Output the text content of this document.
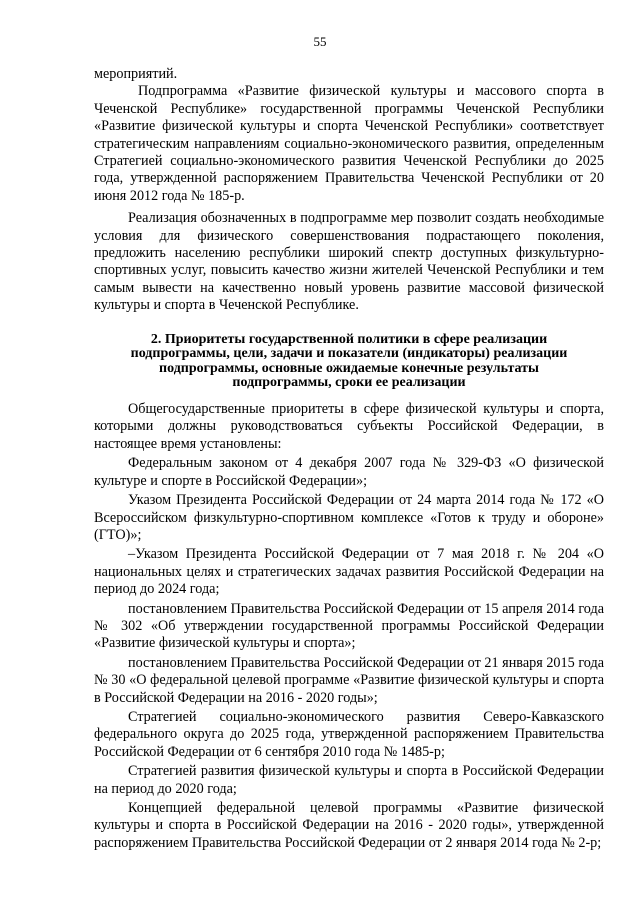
55

мероприятий.

Подпрограмма «Развитие физической культуры и массового спорта в Чеченской Республике» государственной программы Чеченской Республики «Развитие физической культуры и спорта Чеченской Республики» соответствует стратегическим направлениям социально-экономического развития, определенным Стратегией социально-экономического развития Чеченской Республики до 2025 года, утвержденной распоряжением Правительства Чеченской Республики от 20 июня 2012 года № 185-р.

Реализация обозначенных в подпрограмме мер позволит создать необходимые условия для физического совершенствования подрастающего поколения, предложить населению республики широкий спектр доступных физкультурно-спортивных услуг, повысить качество жизни жителей Чеченской Республики и тем самым вывести на качественно новый уровень развитие массовой физической культуры и спорта в Чеченской Республике.

2. Приоритеты государственной политики в сфере реализации
подпрограммы, цели, задачи и показатели (индикаторы) реализации
подпрограммы, основные ожидаемые конечные результаты
подпрограммы, сроки ее реализации

Общегосударственные приоритеты в сфере физической культуры и спорта, которыми должны руководствоваться субъекты Российской Федерации, в настоящее время установлены:

Федеральным законом от 4 декабря 2007 года № 329-ФЗ «О физической культуре и спорте в Российской Федерации»;

Указом Президента Российской Федерации от 24 марта 2014 года № 172 «О Всероссийском физкультурно-спортивном комплексе «Готов к труду и обороне» (ГТО)»;

–Указом Президента Российской Федерации от 7 мая 2018 г. № 204 «О национальных целях и стратегических задачах развития Российской Федерации на период до 2024 года;

постановлением Правительства Российской Федерации от 15 апреля 2014 года № 302 «Об утверждении государственной программы Российской Федерации «Развитие физической культуры и спорта»;

постановлением Правительства Российской Федерации от 21 января 2015 года № 30 «О федеральной целевой программе «Развитие физической культуры и спорта в Российской Федерации на 2016 - 2020 годы»;

Стратегией социально-экономического развития Северо-Кавказского федерального округа до 2025 года, утвержденной распоряжением Правительства Российской Федерации от 6 сентября 2010 года № 1485-р;

Стратегией развития физической культуры и спорта в Российской Федерации на период до 2020 года;

Концепцией федеральной целевой программы «Развитие физической культуры и спорта в Российской Федерации на 2016 - 2020 годы», утвержденной распоряжением Правительства Российской Федерации от 2 января 2014 года № 2-р;
